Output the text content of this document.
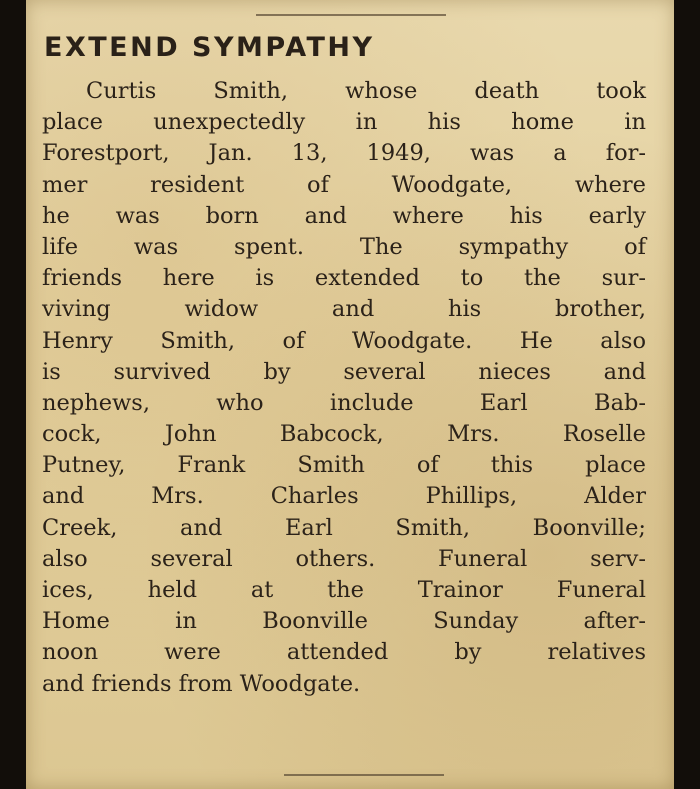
EXTEND SYMPATHY
Curtis Smith, whose death took
place unexpectedly in his home in
Forestport, Jan. 13, 1949, was a for-
mer resident of Woodgate, where
he was born and where his early
life was spent. The sympathy of
friends here is extended to the sur-
viving widow and his brother,
Henry Smith, of Woodgate. He also
is survived by several nieces and
nephews, who include Earl Bab-
cock, John Babcock, Mrs. Roselle
Putney, Frank Smith of this place
and Mrs. Charles Phillips, Alder
Creek, and Earl Smith, Boonville;
also several others. Funeral serv-
ices, held at the Trainor Funeral
Home in Boonville Sunday after-
noon were attended by relatives
and friends from Woodgate.
